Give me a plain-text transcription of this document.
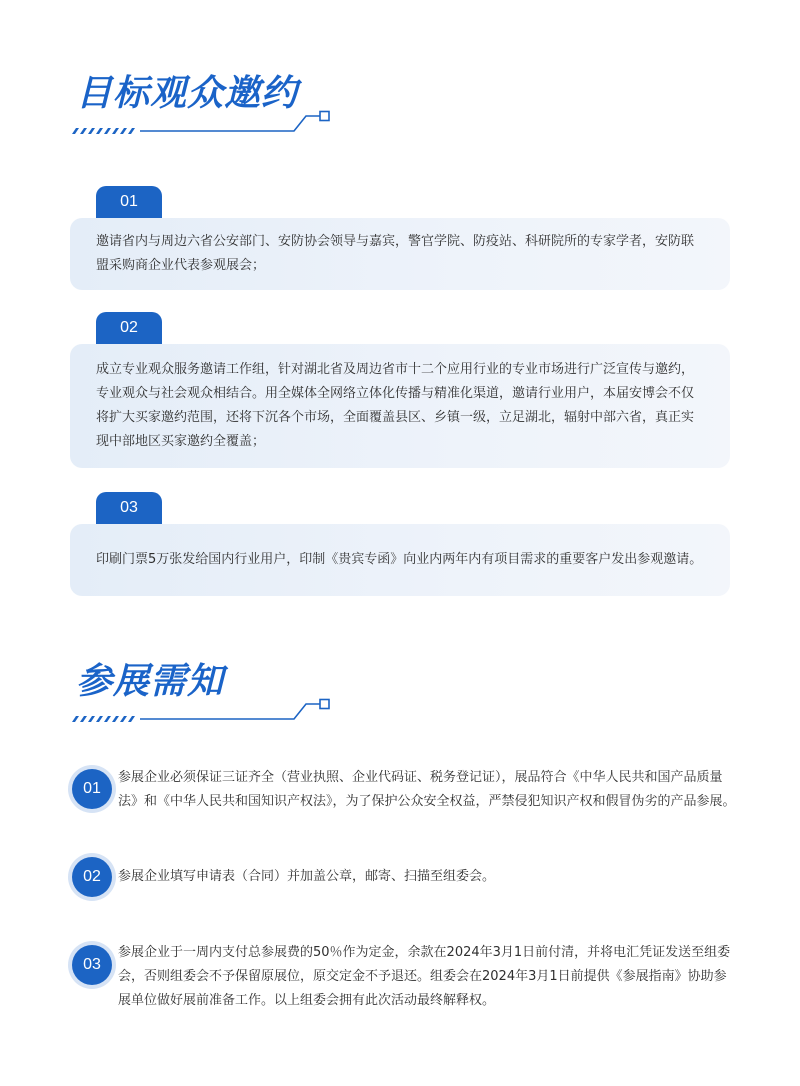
目标观众邀约
01
邀请省内与周边六省公安部门、安防协会领导与嘉宾，警官学院、防疫站、科研院所的专家学者，安防联盟采购商企业代表参观展会；
02
成立专业观众服务邀请工作组，针对湖北省及周边省市十二个应用行业的专业市场进行广泛宣传与邀约，专业观众与社会观众相结合。用全媒体全网络立体化传播与精准化渠道，邀请行业用户，本届安博会不仅将扩大买家邀约范围，还将下沉各个市场，全面覆盖县区、乡镇一级，立足湖北，辐射中部六省，真正实现中部地区买家邀约全覆盖；
03
印刷门票5万张发给国内行业用户，印制《贵宾专函》向业内两年内有项目需求的重要客户发出参观邀请。
参展需知
01
参展企业必须保证三证齐全（营业执照、企业代码证、税务登记证），展品符合《中华人民共和国产品质量法》和《中华人民共和国知识产权法》，为了保护公众安全权益，严禁侵犯知识产权和假冒伪劣的产品参展。
02	参展企业填写申请表（合同）并加盖公章，邮寄、扫描至组委会。
03
参展企业于一周内支付总参展费的50％作为定金，余款在2024年3月1日前付清，并将电汇凭证发送至组委会，否则组委会不予保留原展位，原交定金不予退还。组委会在2024年3月1日前提供《参展指南》协助参展单位做好展前准备工作。以上组委会拥有此次活动最终解释权。
